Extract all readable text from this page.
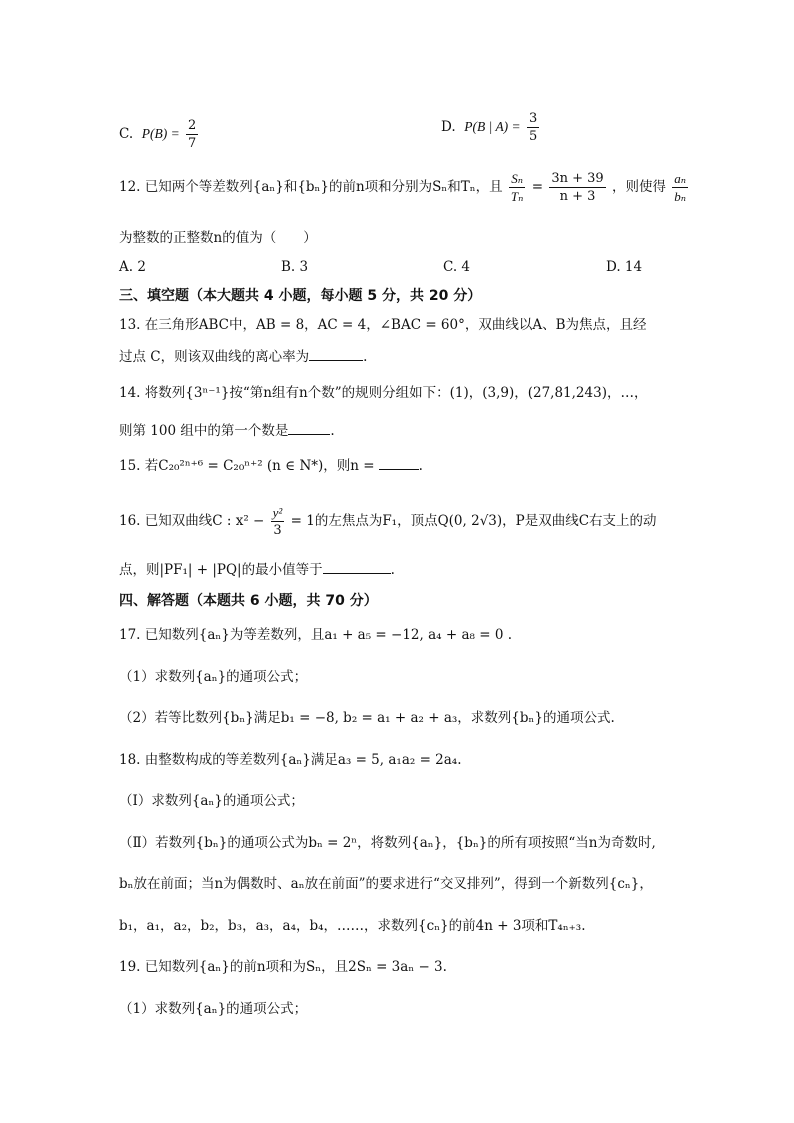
C. $P(B) = \frac{2}{7}$	D. P(B | $A) = \frac{3}{5}$
12. 已知两个等差数列{aₙ}和{bₙ}的前n项和分别为Sₙ和Tₙ，且 $\frac{\text{Sₙ}}{\text{Tₙ}} = \frac{3n + 39}{n + 3}$ ，则使得 $\frac{\text{aₙ}}{\text{bₙ}}$
为整数的正整数n的值为（　　）
A. 2	B. 3	C. 4	D. 14
三、填空题（本大题共 4 小题，每小题 5 分，共 20 分）
13. 在三角形ABC中，AB = 8，AC = 4，∠BAC = 60°，双曲线以A、B为焦点，且经
过点 C，则该双曲线的离心率为	.
14. 将数列{3ⁿ⁻¹}按“第n组有n个数”的规则分组如下：(1)，(3,9)，(27,81,243)，…，
则第 100 组中的第一个数是	.
15. 若C₂₀²ⁿ⁺⁶ = C₂₀ⁿ⁺² (n ∈ N*)，则n =	.
16. 已知双曲线C : $x^2 - \frac{\text{y²}}{3} = 1$的左焦点为F₁，顶点Q(0, 2√3)，P是双曲线C右支上的动
点，则|PF₁| + |PQ|的最小值等于	.
四、解答题（本题共 6 小题，共 70 分）
17. 已知数列{aₙ}为等差数列，且a₁ + a₅ = −12, a₄ + a₈ = 0 .
（1）求数列{aₙ}的通项公式；
（2）若等比数列{bₙ}满足b₁ = −8, b₂ = a₁ + a₂ + a₃，求数列{bₙ}的通项公式.
18. 由整数构成的等差数列{aₙ}满足a₃ = 5, a₁a₂ = 2a₄.
（Ⅰ）求数列{aₙ}的通项公式；
（Ⅱ）若数列{bₙ}的通项公式为bₙ = 2ⁿ，将数列{aₙ}，{bₙ}的所有项按照“当n为奇数时,
bₙ放在前面；当n为偶数时、aₙ放在前面”的要求进行“交叉排列”，得到一个新数列{cₙ}，
b₁，a₁，a₂，b₂，b₃，a₃，a₄，b₄，……，求数列{cₙ}的前4n + 3项和T₄ₙ₊₃.
19. 已知数列{aₙ}的前n项和为Sₙ，且2Sₙ = 3aₙ − 3.
（1）求数列{aₙ}的通项公式；
